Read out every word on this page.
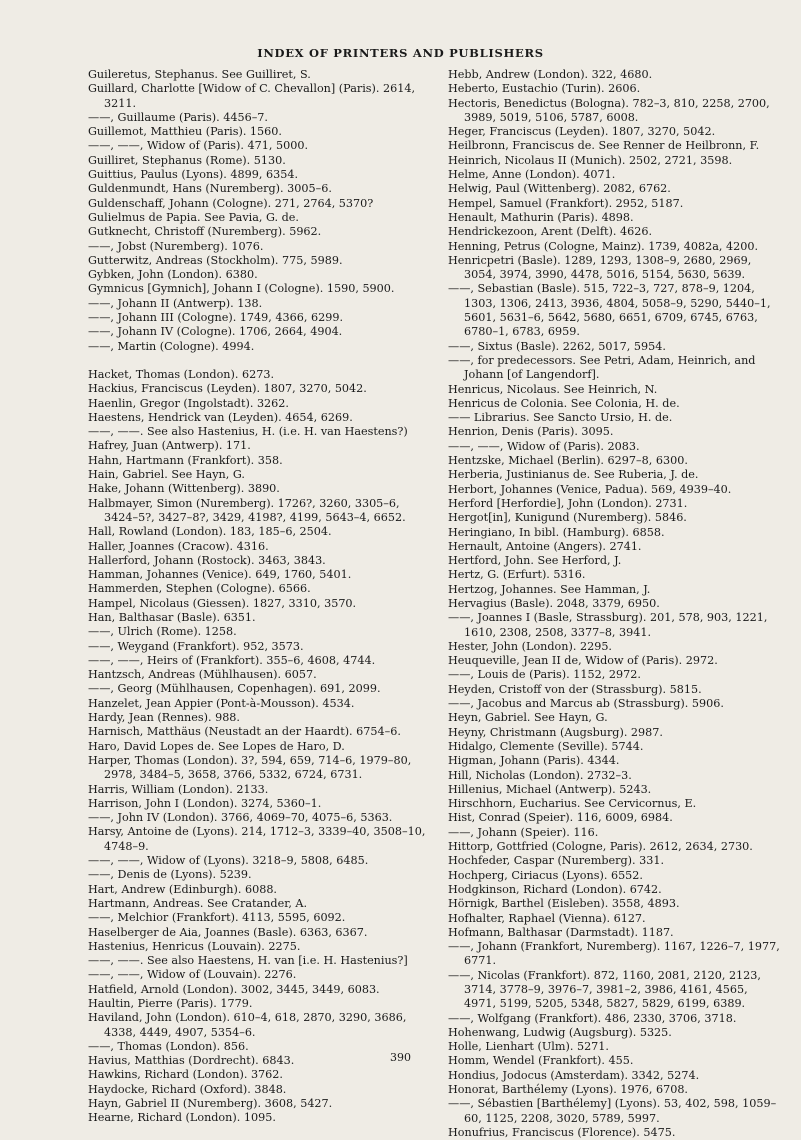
INDEX OF PRINTERS AND PUBLISHERS

Guileretus, Stephanus. See Guilliret, S.

Guillard, Charlotte [Widow of C. Chevallon] (Paris). 2614, 3211.

——, Guillaume (Paris). 4456–7.

Guillemot, Matthieu (Paris). 1560.

——, ——, Widow of (Paris). 471, 5000.

Guilliret, Stephanus (Rome). 5130.

Guittius, Paulus (Lyons). 4899, 6354.

Guldenmundt, Hans (Nuremberg). 3005–6.

Guldenschaff, Johann (Cologne). 271, 2764, 5370?

Gulielmus de Papia. See Pavia, G. de.

Gutknecht, Christoff (Nuremberg). 5962.

——, Jobst (Nuremberg). 1076.

Gutterwitz, Andreas (Stockholm). 775, 5989.

Gybken, John (London). 6380.

Gymnicus [Gymnich], Johann I (Cologne). 1590, 5900.

——, Johann II (Antwerp). 138.

——, Johann III (Cologne). 1749, 4366, 6299.

——, Johann IV (Cologne). 1706, 2664, 4904.

——, Martin (Cologne). 4994.

Hacket, Thomas (London). 6273.

Hackius, Franciscus (Leyden). 1807, 3270, 5042.

Haenlin, Gregor (Ingolstadt). 3262.

Haestens, Hendrick van (Leyden). 4654, 6269.

——, ——. See also Hastenius, H. (i.e. H. van Haestens?)

Hafrey, Juan (Antwerp). 171.

Hahn, Hartmann (Frankfort). 358.

Hain, Gabriel. See Hayn, G.

Hake, Johann (Wittenberg). 3890.

Halbmayer, Simon (Nuremberg). 1726?, 3260, 3305–6, 3424–5?, 3427–8?, 3429, 4198?, 4199, 5643–4, 6652.

Hall, Rowland (London). 183, 185–6, 2504.

Haller, Joannes (Cracow). 4316.

Hallerford, Johann (Rostock). 3463, 3843.

Hamman, Johannes (Venice). 649, 1760, 5401.

Hammerden, Stephen (Cologne). 6566.

Hampel, Nicolaus (Giessen). 1827, 3310, 3570.

Han, Balthasar (Basle). 6351.

——, Ulrich (Rome). 1258.

——, Weygand (Frankfort). 952, 3573.

——, ——, Heirs of (Frankfort). 355–6, 4608, 4744.

Hantzsch, Andreas (Mühlhausen). 6057.

——, Georg (Mühlhausen, Copenhagen). 691, 2099.

Hanzelet, Jean Appier (Pont-à-Mousson). 4534.

Hardy, Jean (Rennes). 988.

Harnisch, Matthäus (Neustadt an der Haardt). 6754–6.

Haro, David Lopes de. See Lopes de Haro, D.

Harper, Thomas (London). 3?, 594, 659, 714–6, 1979–80, 2978, 3484–5, 3658, 3766, 5332, 6724, 6731.

Harris, William (London). 2133.

Harrison, John I (London). 3274, 5360–1.

——, John IV (London). 3766, 4069–70, 4075–6, 5363.

Harsy, Antoine de (Lyons). 214, 1712–3, 3339–40, 3508–10, 4748–9.

——, ——, Widow of (Lyons). 3218–9, 5808, 6485.

——, Denis de (Lyons). 5239.

Hart, Andrew (Edinburgh). 6088.

Hartmann, Andreas. See Cratander, A.

——, Melchior (Frankfort). 4113, 5595, 6092.

Haselberger de Aia, Joannes (Basle). 6363, 6367.

Hastenius, Henricus (Louvain). 2275.

——, ——. See also Haestens, H. van [i.e. H. Hastenius?]

——, ——, Widow of (Louvain). 2276.

Hatfield, Arnold (London). 3002, 3445, 3449, 6083.

Haultin, Pierre (Paris). 1779.

Haviland, John (London). 610–4, 618, 2870, 3290, 3686, 4338, 4449, 4907, 5354–6.

——, Thomas (London). 856.

Havius, Matthias (Dordrecht). 6843.

Hawkins, Richard (London). 3762.

Haydocke, Richard (Oxford). 3848.

Hayn, Gabriel II (Nuremberg). 3608, 5427.

Hearne, Richard (London). 1095.

Hebb, Andrew (London). 322, 4680.

Heberto, Eustachio (Turin). 2606.

Hectoris, Benedictus (Bologna). 782–3, 810, 2258, 2700, 3989, 5019, 5106, 5787, 6008.

Heger, Franciscus (Leyden). 1807, 3270, 5042.

Heilbronn, Franciscus de. See Renner de Heilbronn, F.

Heinrich, Nicolaus II (Munich). 2502, 2721, 3598.

Helme, Anne (London). 4071.

Helwig, Paul (Wittenberg). 2082, 6762.

Hempel, Samuel (Frankfort). 2952, 5187.

Henault, Mathurin (Paris). 4898.

Hendrickezoon, Arent (Delft). 4626.

Henning, Petrus (Cologne, Mainz). 1739, 4082a, 4200.

Henricpetri (Basle). 1289, 1293, 1308–9, 2680, 2969, 3054, 3974, 3990, 4478, 5016, 5154, 5630, 5639.

——, Sebastian (Basle). 515, 722–3, 727, 878–9, 1204, 1303, 1306, 2413, 3936, 4804, 5058–9, 5290, 5440–1, 5601, 5631–6, 5642, 5680, 6651, 6709, 6745, 6763, 6780–1, 6783, 6959.

——, Sixtus (Basle). 2262, 5017, 5954.

——, for predecessors. See Petri, Adam, Heinrich, and Johann [of Langendorf].

Henricus, Nicolaus. See Heinrich, N.

Henricus de Colonia. See Colonia, H. de.

—— Librarius. See Sancto Ursio, H. de.

Henrion, Denis (Paris). 3095.

——, ——, Widow of (Paris). 2083.

Hentzske, Michael (Berlin). 6297–8, 6300.

Herberia, Justinianus de. See Ruberia, J. de.

Herbort, Johannes (Venice, Padua). 569, 4939–40.

Herford [Herfordie], John (London). 2731.

Hergot[in], Kunigund (Nuremberg). 5846.

Heringiano, In bibl. (Hamburg). 6858.

Hernault, Antoine (Angers). 2741.

Hertford, John. See Herford, J.

Hertz, G. (Erfurt). 5316.

Hertzog, Johannes. See Hamman, J.

Hervagius (Basle). 2048, 3379, 6950.

——, Joannes I (Basle, Strassburg). 201, 578, 903, 1221, 1610, 2308, 2508, 3377–8, 3941.

Hester, John (London). 2295.

Heuqueville, Jean II de, Widow of (Paris). 2972.

——, Louis de (Paris). 1152, 2972.

Heyden, Cristoff von der (Strassburg). 5815.

——, Jacobus and Marcus ab (Strassburg). 5906.

Heyn, Gabriel. See Hayn, G.

Heyny, Christmann (Augsburg). 2987.

Hidalgo, Clemente (Seville). 5744.

Higman, Johann (Paris). 4344.

Hill, Nicholas (London). 2732–3.

Hillenius, Michael (Antwerp). 5243.

Hirschhorn, Eucharius. See Cervicornus, E.

Hist, Conrad (Speier). 116, 6009, 6984.

——, Johann (Speier). 116.

Hittorp, Gottfried (Cologne, Paris). 2612, 2634, 2730.

Hochfeder, Caspar (Nuremberg). 331.

Hochperg, Ciriacus (Lyons). 6552.

Hodgkinson, Richard (London). 6742.

Hörnigk, Barthel (Eisleben). 3558, 4893.

Hofhalter, Raphael (Vienna). 6127.

Hofmann, Balthasar (Darmstadt). 1187.

——, Johann (Frankfort, Nuremberg). 1167, 1226–7, 1977, 6771.

——, Nicolas (Frankfort). 872, 1160, 2081, 2120, 2123, 3714, 3778–9, 3976–7, 3981–2, 3986, 4161, 4565, 4971, 5199, 5205, 5348, 5827, 5829, 6199, 6389.

——, Wolfgang (Frankfort). 486, 2330, 3706, 3718.

Hohenwang, Ludwig (Augsburg). 5325.

Holle, Lienhart (Ulm). 5271.

Homm, Wendel (Frankfort). 455.

Hondius, Jodocus (Amsterdam). 3342, 5274.

Honorat, Barthélemy (Lyons). 1976, 6708.

——, Sébastien [Barthélemy] (Lyons). 53, 402, 598, 1059–60, 1125, 2208, 3020, 5789, 5997.

Honufrius, Franciscus (Florence). 5475.

390
